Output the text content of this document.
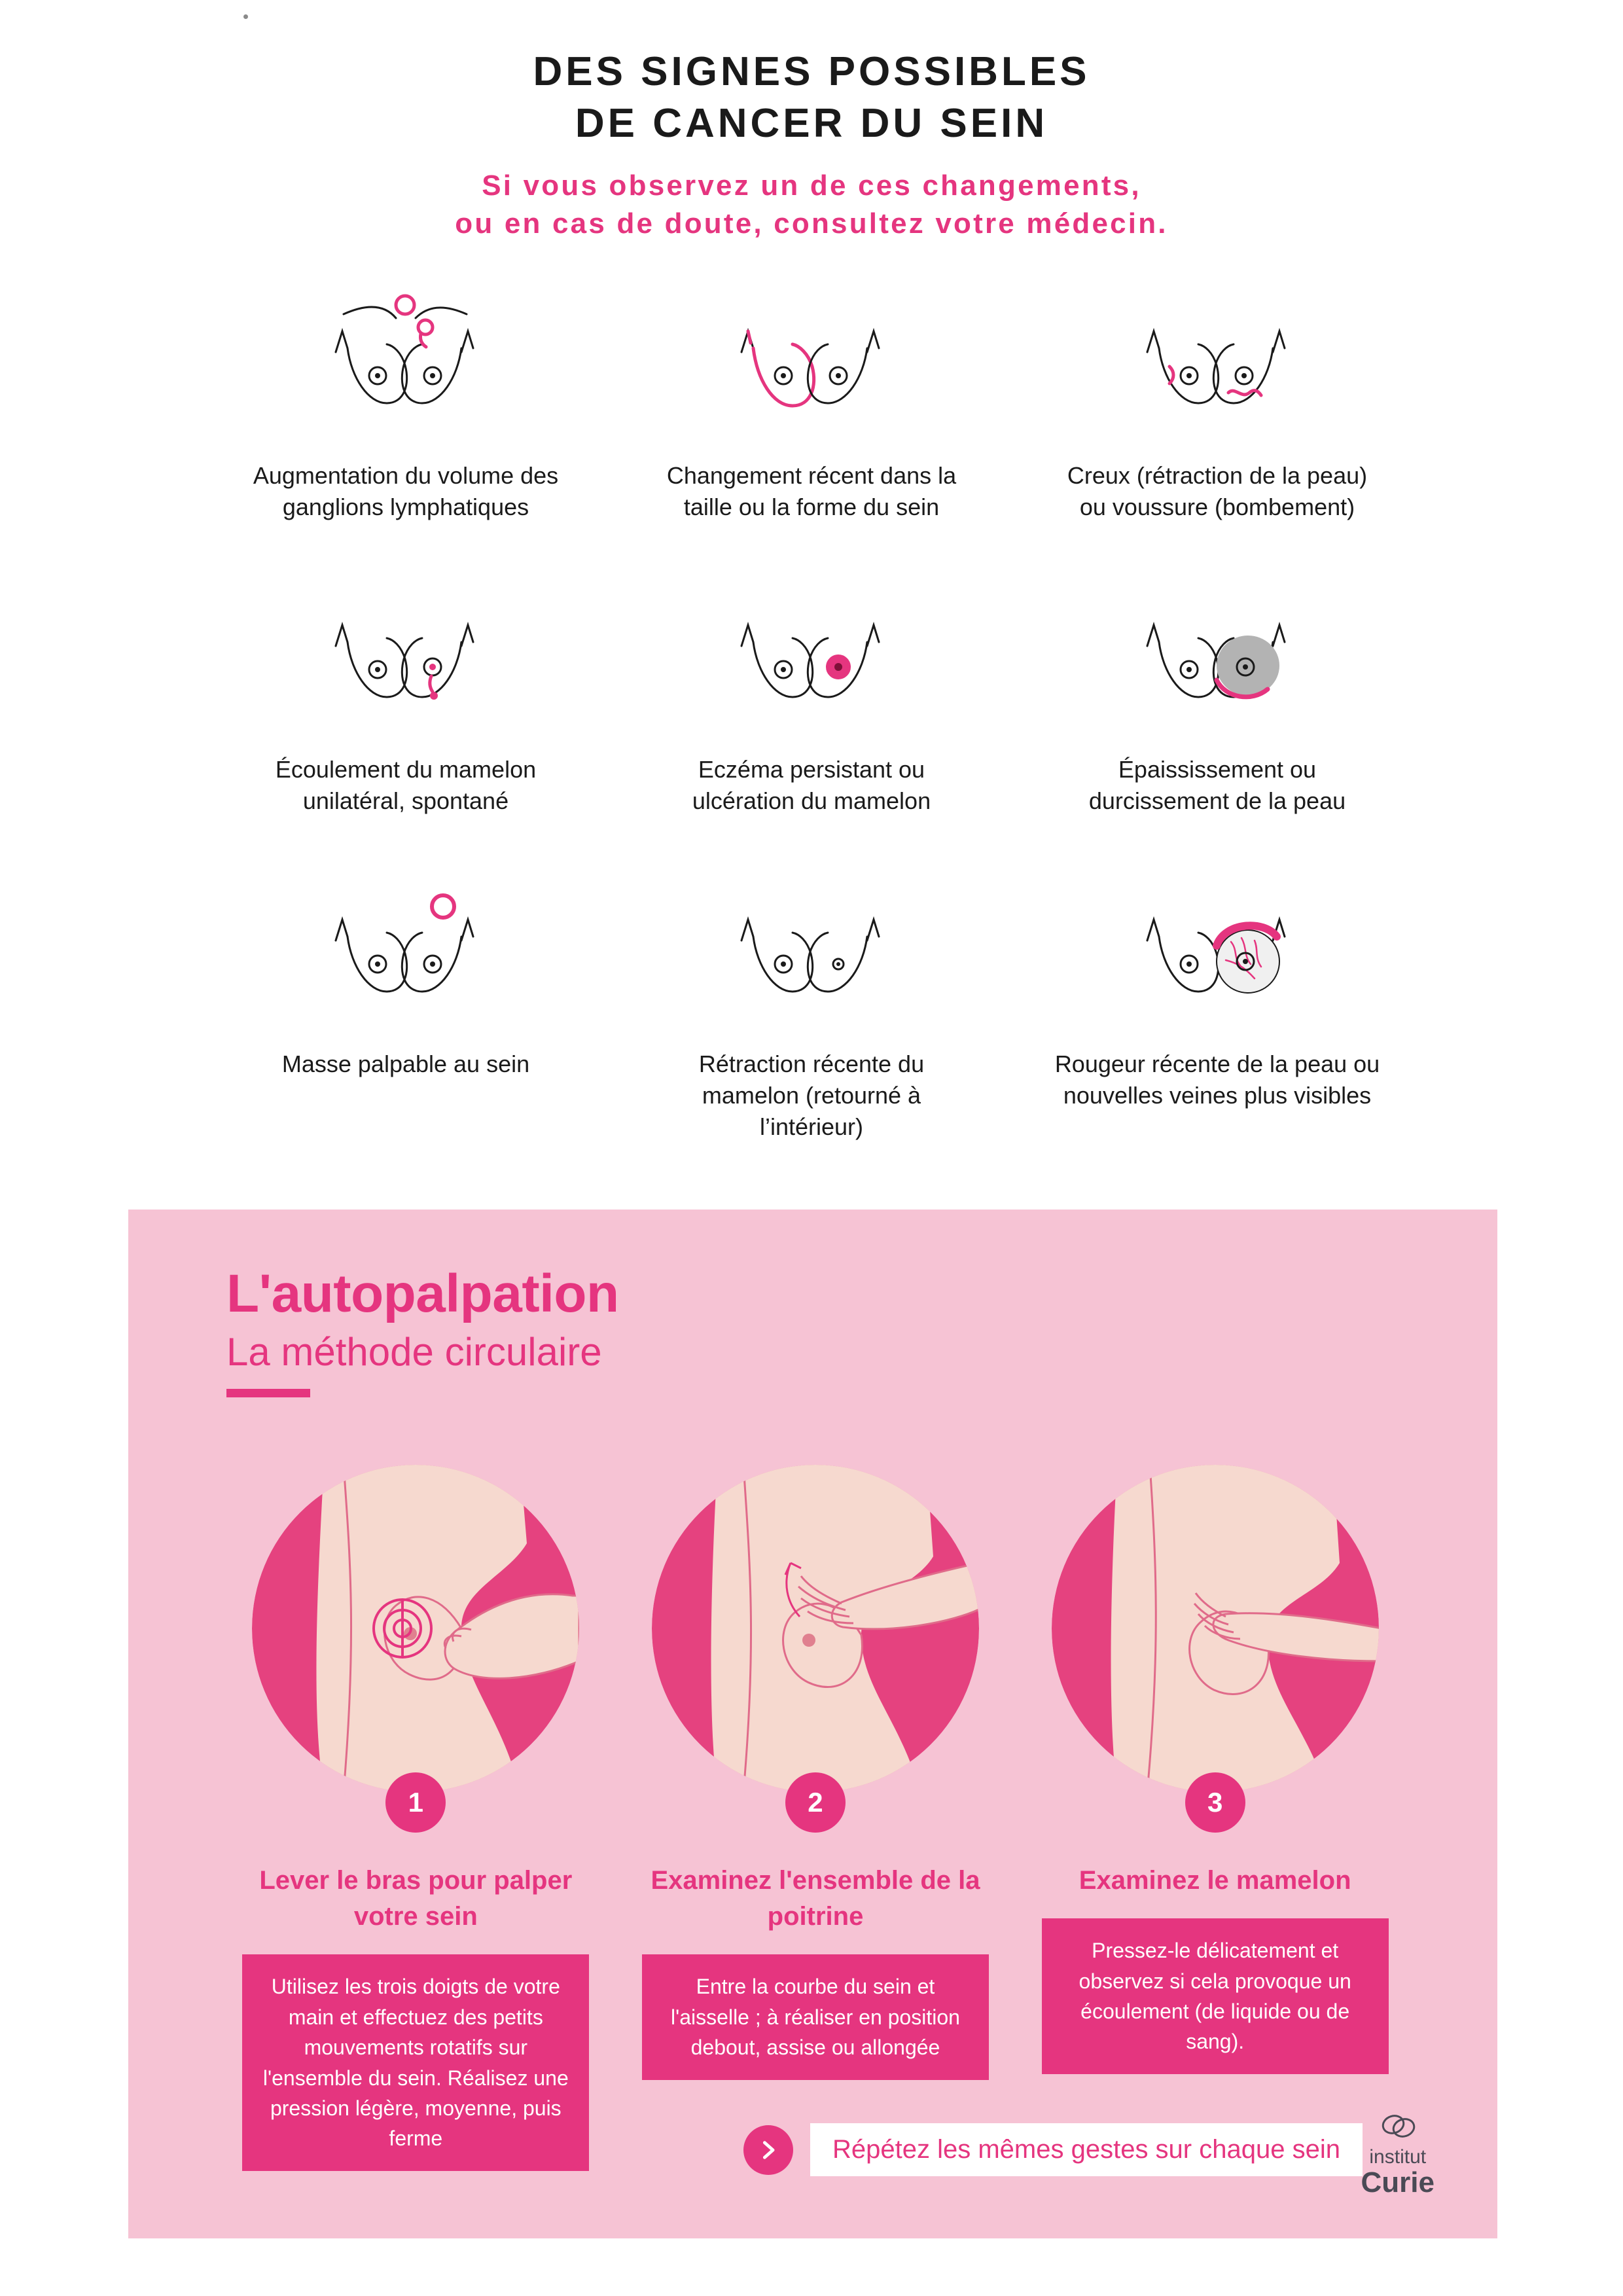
DES SIGNES POSSIBLES
DE CANCER DU SEIN
Si vous observez un de ces changements,
ou en cas de doute, consultez votre médecin.
Augmentation du volume des ganglions lymphatiques
Changement récent dans la taille ou la forme du sein
Creux (rétraction de la peau) ou voussure (bombement)
Écoulement du mamelon unilatéral, spontané
Eczéma persistant ou ulcération du mamelon
Épaississement ou durcissement de la peau
Masse palpable au sein	Rétraction récente du mamelon (retourné à l’intérieur)
Rougeur récente de la peau ou nouvelles veines plus visibles
L'autopalpation
La méthode circulaire
1
Lever le bras pour palper votre sein
Utilisez les trois doigts de votre main et effectuez des petits mouvements rotatifs sur l'ensemble du sein. Réalisez une pression légère, moyenne, puis ferme
2
Examinez l'ensemble de la poitrine
Entre la courbe du sein et l'aisselle ; à réaliser en position debout, assise ou allongée
3
Examinez le mamelon
Pressez-le délicatement et observez si cela provoque un écoulement (de liquide ou de sang).
Répétez les mêmes gestes sur chaque sein	institut
Curie
